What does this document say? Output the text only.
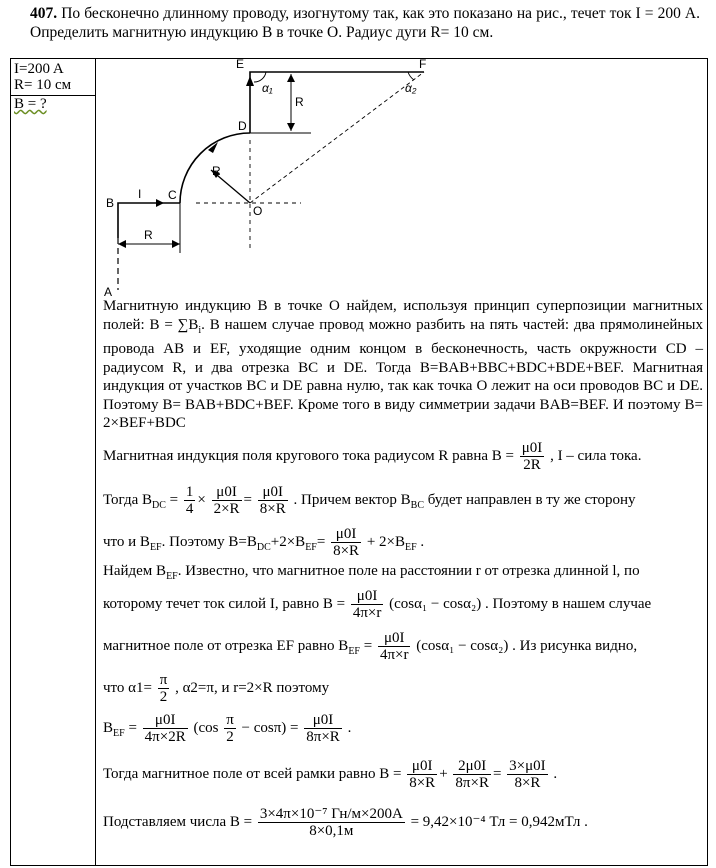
407. По бесконечно длинному проводу, изогнутому так, как это показано на рис., течет ток I = 200 А. Определить магнитную индукцию B в точке O. Радиус дуги R= 10 см.
I=200 A
R= 10 см
B = ?
E	F
D
C
B
A
O
I
R
R
R
α₁	α₂
Магнитную индукцию B в точке O найдем, используя принцип суперпозиции магнитных полей: $B = \sum B_i$. В нашем случае провод можно разбить на пять частей: два прямолинейных провода AB и EF, уходящие одним концом в бесконечность, часть окружности CD – радиусом R, и два отрезка BC и DE. Тогда B=BAB+BBC+BDC+BDE+BEF. Магнитная индукция от участков BC и DE равна нулю, так как точка O лежит на оси проводов BC и DE. Поэтому B= BAB+BDC+BEF. Кроме того в виду симметрии задачи BAB=BEF. И поэтому B= 2×BEF+BDC
Магнитная индукция поля кругового тока радиусом R равна $B = \frac{\mu 0I}{2R}$ , I – сила тока.
Тогда $B_{DC} = \frac{1}{4} \times \frac{\mu 0I}{2\times R} = \frac{\mu 0I}{8\times R}$ . Причем вектор $B_{BC}$ будет направлен в ту же сторону
что и $B_{EF}$. Поэтому $B=B_{DC}+2\times B_{EF}= \frac{\mu 0I}{8\times R} + 2\times B_{EF}$ .
Найдем $B_{EF}$. Известно, что магнитное поле на расстоянии r от отрезка длинной l, по
которому течет ток силой I, равно $B = \frac{\mu 0I}{4\pi\times r} (\cos\alpha_1 - \cos\alpha_2)$ . Поэтому в нашем случае
магнитное поле от отрезка EF равно $B_{EF} = \frac{\mu 0I}{4\pi\times r} (\cos\alpha_1 - \cos\alpha_2)$ . Из рисунка видно,
что $\alpha 1= \frac{\pi}{2}$ , α2=π, и r=2×R поэтому
$B_{EF} = \frac{\mu 0I}{4\pi\times 2R} (\cos \frac{\pi}{2} - \cos\pi) = \frac{\mu 0I}{8\pi\times R}$ .
Тогда магнитное поле от всей рамки равно $B = \frac{\mu 0I}{8\times R} + \frac{2\mu 0I}{8\pi\times R} = \frac{3\times\mu 0I}{8\times R}$ .
Подставляем числа $B = \frac{\text{3×4π×10⁻⁷ Гн/м×200А}}{8\times 0,1м} = 9,42\times 10^{-4}$ Тл = 0,942мТл .
